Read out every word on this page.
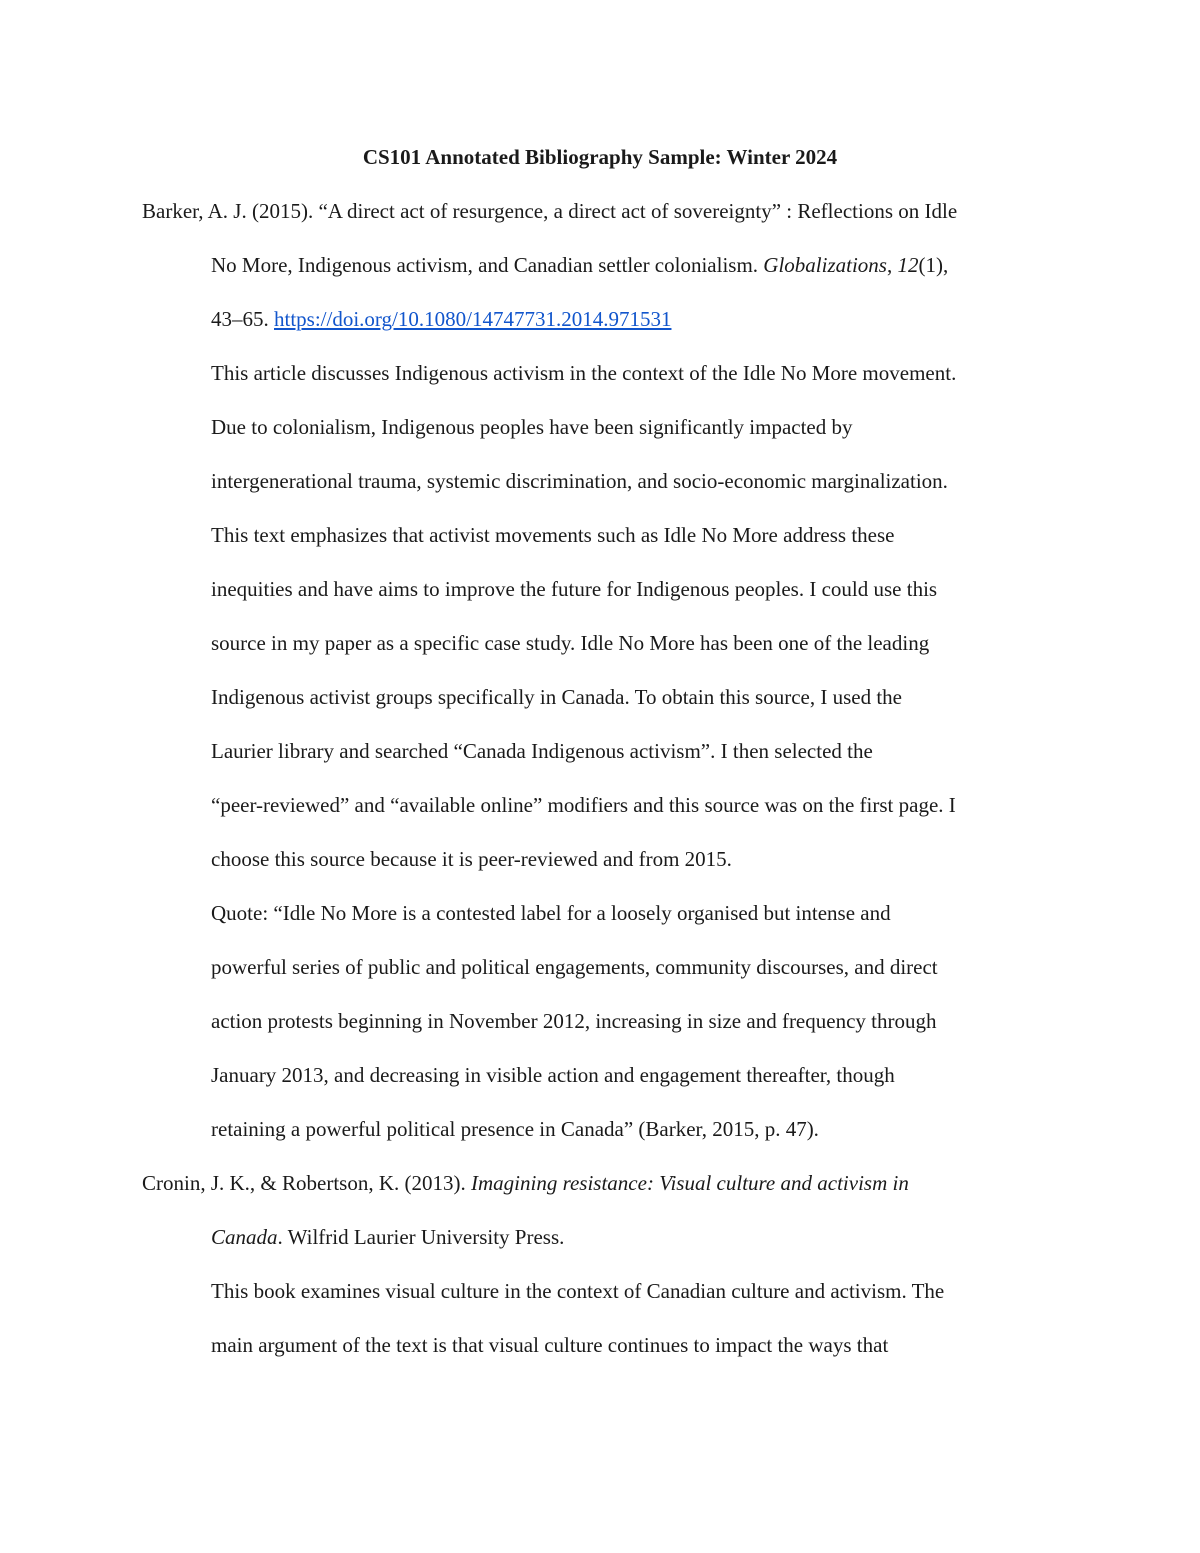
CS101 Annotated Bibliography Sample: Winter 2024

Barker, A. J. (2015). “A direct act of resurgence, a direct act of sovereignty” : Reflections on Idle

No More, Indigenous activism, and Canadian settler colonialism. Globalizations, 12(1),

43–65. https://doi.org/10.1080/14747731.2014.971531

This article discusses Indigenous activism in the context of the Idle No More movement.

Due to colonialism, Indigenous peoples have been significantly impacted by

intergenerational trauma, systemic discrimination, and socio-economic marginalization.

This text emphasizes that activist movements such as Idle No More address these

inequities and have aims to improve the future for Indigenous peoples. I could use this

source in my paper as a specific case study. Idle No More has been one of the leading

Indigenous activist groups specifically in Canada. To obtain this source, I used the

Laurier library and searched “Canada Indigenous activism”. I then selected the

“peer-reviewed” and “available online” modifiers and this source was on the first page. I

choose this source because it is peer-reviewed and from 2015.

Quote: “Idle No More is a contested label for a loosely organised but intense and

powerful series of public and political engagements, community discourses, and direct

action protests beginning in November 2012, increasing in size and frequency through

January 2013, and decreasing in visible action and engagement thereafter, though

retaining a powerful political presence in Canada” (Barker, 2015, p. 47).

Cronin, J. K., & Robertson, K. (2013). Imagining resistance: Visual culture and activism in

Canada. Wilfrid Laurier University Press.

This book examines visual culture in the context of Canadian culture and activism. The

main argument of the text is that visual culture continues to impact the ways that
